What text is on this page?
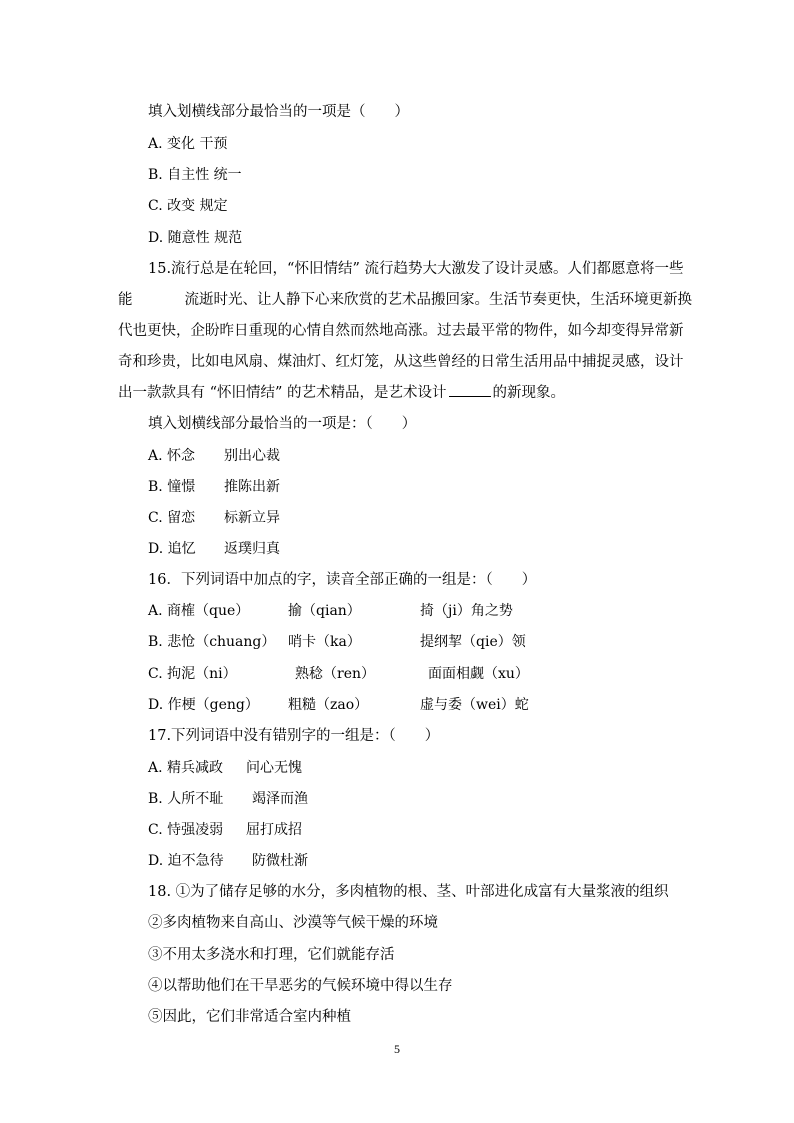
填入划横线部分最恰当的一项是（　　）
A. 变化 干预
B. 自主性 统一
C. 改变 规定
D. 随意性 规范
15.流行总是在轮回，“怀旧情结” 流行趋势大大激发了设计灵感。人们都愿意将一些
能	流逝时光、让人静下心来欣赏的艺术品搬回家。生活节奏更快，生活环境更新换
代也更快，企盼昨日重现的心情自然而然地高涨。过去最平常的物件，如今却变得异常新
奇和珍贵，比如电风扇、煤油灯、红灯笼，从这些曾经的日常生活用品中捕捉灵感，设计
出一款款具有 “怀旧情结” 的艺术精品，是艺术设计	的新现象。
填入划横线部分最恰当的一项是：（　　）
A. 怀念 别出心裁
B. 憧憬 推陈出新
C. 留恋 标新立异
D. 追忆 返璞归真
16．下列词语中加点的字，读音全部正确的一组是：（　　）
A. 商榷（que）	揄（qian）	掎（ji）角之势
B. 悲怆（chuang） 哨卡（ka）	提纲挈（qie）领
C. 拘泥（ni）	熟稔（ren）	面面相觑（xu）
D. 作梗（geng） 粗糙（zao）	虚与委（wei）蛇
17.下列词语中没有错别字的一组是：（　　）
A. 精兵减政 问心无愧
B. 人所不耻 竭泽而渔
C. 恃强凌弱 屈打成招
D. 迫不急待 防微杜渐
18. ①为了储存足够的水分，多肉植物的根、茎、叶部进化成富有大量浆液的组织
②多肉植物来自高山、沙漠等气候干燥的环境
③不用太多浇水和打理，它们就能存活
④以帮助他们在干旱恶劣的气候环境中得以生存
⑤因此，它们非常适合室内种植
5
